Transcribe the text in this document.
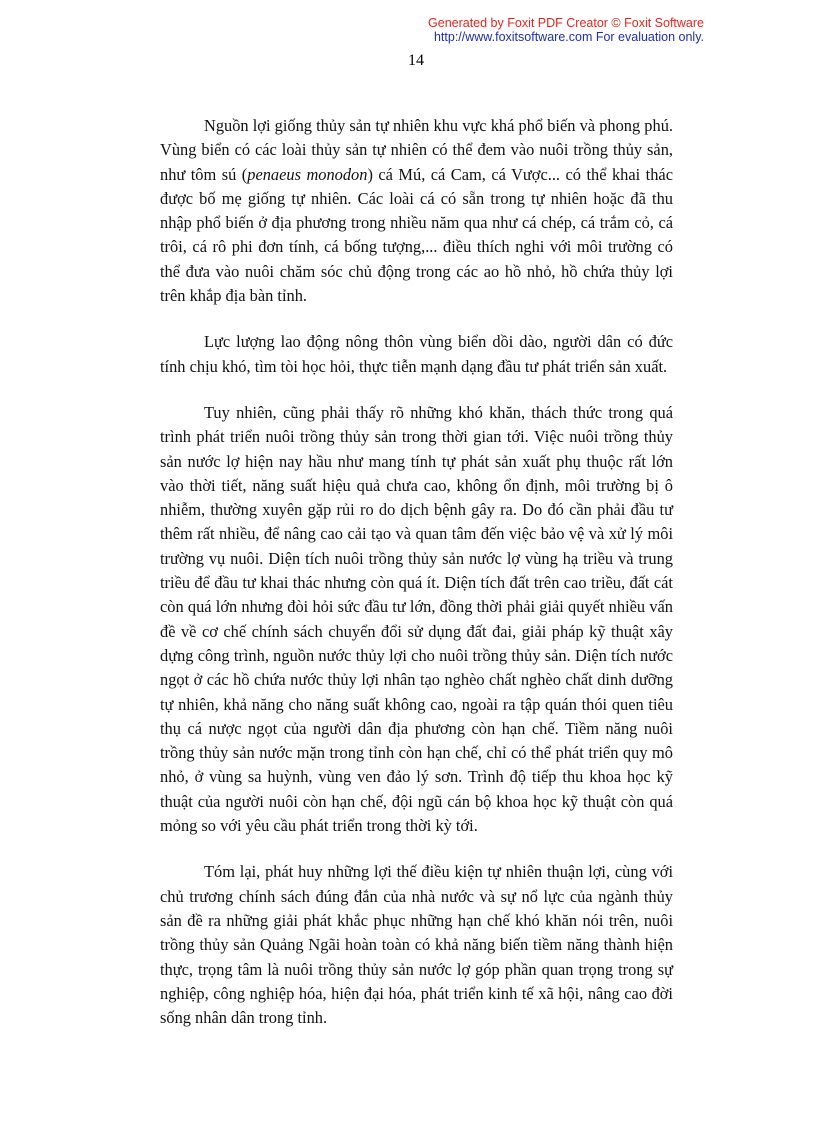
Generated by Foxit PDF Creator © Foxit Software
http://www.foxitsoftware.com For evaluation only.
14

Nguồn lợi giống thủy sản tự nhiên khu vực khá phổ biến và phong phú. Vùng biển có các loài thủy sản tự nhiên có thể đem vào nuôi trồng thủy sản, như tôm sú (penaeus monodon) cá Mú, cá Cam, cá Vược... có thể khai thác được bố mẹ giống tự nhiên. Các loài cá có sẵn trong tự nhiên hoặc đã thu nhập phổ biến ở địa phương trong nhiều năm qua như cá chép, cá trắm cỏ, cá trôi, cá rô phi đơn tính, cá bống tượng,... điều thích nghi với môi trường có thể đưa vào nuôi chăm sóc chủ động trong các ao hồ nhỏ, hồ chứa thủy lợi trên khắp địa bàn tỉnh.

Lực lượng lao động nông thôn vùng biển dồi dào, người dân có đức tính chịu khó, tìm tòi học hỏi, thực tiễn mạnh dạng đầu tư phát triển sản xuất.

Tuy nhiên, cũng phải thấy rõ những khó khăn, thách thức trong quá trình phát triển nuôi trồng thủy sản trong thời gian tới. Việc nuôi trồng thủy sản nước lợ hiện nay hầu như mang tính tự phát sản xuất phụ thuộc rất lớn vào thời tiết, năng suất hiệu quả chưa cao, không ổn định, môi trường bị ô nhiễm, thường xuyên gặp rủi ro do dịch bệnh gây ra. Do đó cần phải đầu tư thêm rất nhiều, để nâng cao cải tạo và quan tâm đến việc bảo vệ và xử lý môi trường vụ nuôi. Diện tích nuôi trồng thủy sản nước lợ vùng hạ triều và trung triều để đầu tư khai thác nhưng còn quá ít. Diện tích đất trên cao triều, đất cát còn quá lớn nhưng đòi hỏi sức đầu tư lớn, đồng thời phải giải quyết nhiều vấn đề về cơ chế chính sách chuyển đổi sử dụng đất đai, giải pháp kỹ thuật xây dựng công trình, nguồn nước thủy lợi cho nuôi trồng thủy sản. Diện tích nước ngọt ở các hồ chứa nước thủy lợi nhân tạo nghèo chất nghèo chất dinh dưỡng tự nhiên, khả năng cho năng suất không cao, ngoài ra tập quán thói quen tiêu thụ cá nược ngọt của người dân địa phương còn hạn chế. Tiềm năng nuôi trồng thủy sản nước mặn trong tỉnh còn hạn chế, chỉ có thể phát triển quy mô nhỏ, ở vùng sa huỳnh, vùng ven đảo lý sơn. Trình độ tiếp thu khoa học kỹ thuật của người nuôi còn hạn chế, đội ngũ cán bộ khoa học kỹ thuật còn quá mỏng so với yêu cầu phát triển trong thời kỳ tới.

Tóm lại, phát huy những lợi thế điều kiện tự nhiên thuận lợi, cùng với chủ trương chính sách đúng đắn của nhà nước và sự nổ lực của ngành thủy sản đề ra những giải phát khắc phục những hạn chế khó khăn nói trên, nuôi trồng thủy sản Quảng Ngãi hoàn toàn có khả năng biến tiềm năng thành hiện thực, trọng tâm là nuôi trồng thủy sản nước lợ góp phần quan trọng trong sự nghiệp, công nghiệp hóa, hiện đại hóa, phát triển kinh tế xã hội, nâng cao đời sống nhân dân trong tỉnh.
